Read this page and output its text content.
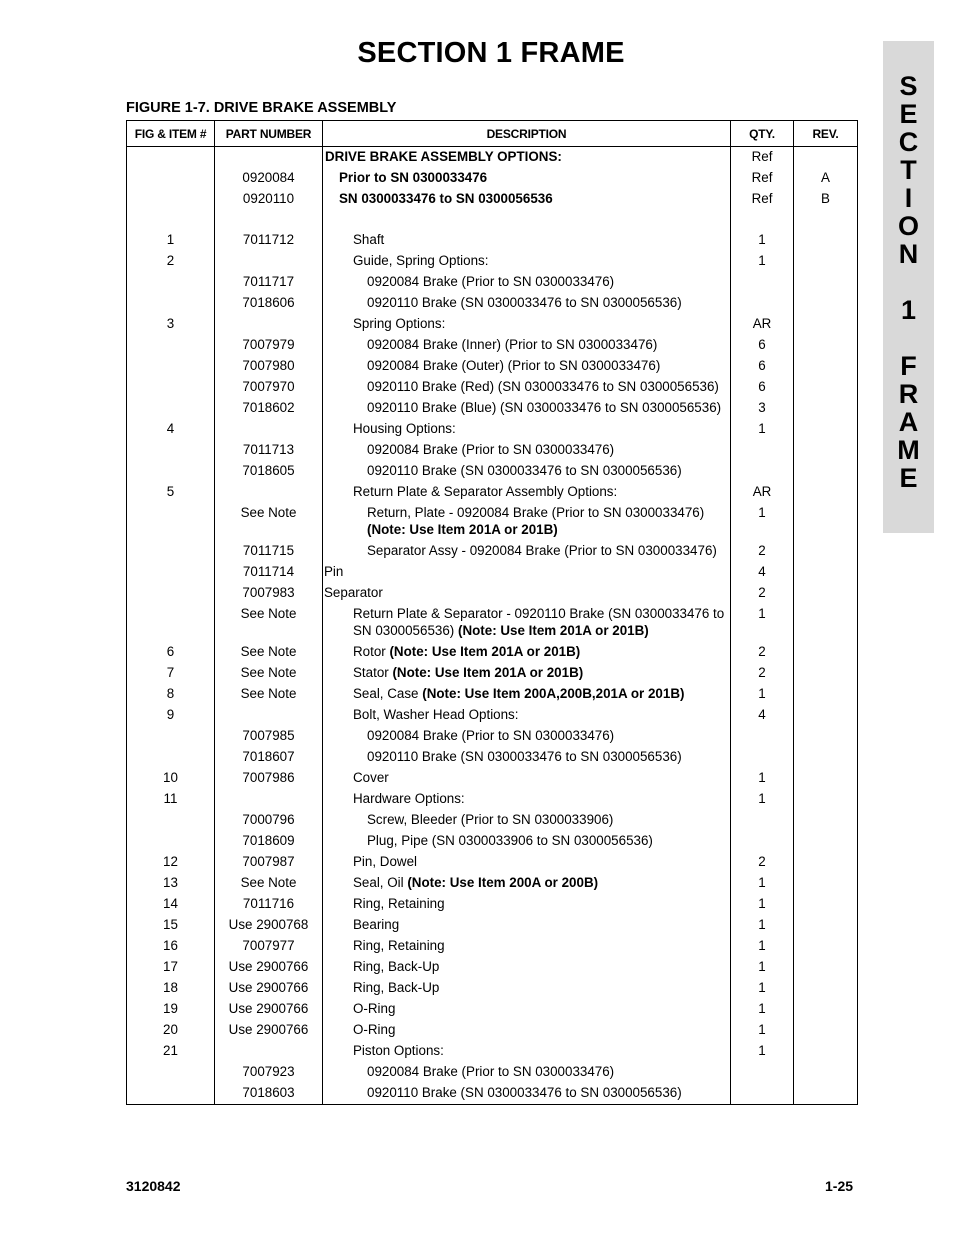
SECTION 1 FRAME
S
E
C
T
I
O
N
1
F
R
A
M
E
FIGURE 1-7. DRIVE BRAKE ASSEMBLY
FIG & ITEM #	PART NUMBER	DESCRIPTION	QTY.	REV.

		DRIVE BRAKE ASSEMBLY OPTIONS:	Ref	
	0920084	Prior to SN 0300033476	Ref	A
	0920110	SN 0300033476 to SN 0300056536	Ref	B

1	7011712	Shaft	1	
2		Guide, Spring Options:	1	
	7011717	0920084 Brake (Prior to SN 0300033476)		

	7018606	0920110 Brake (SN 0300033476 to SN 0300056536)		

3		Spring Options:	AR	
	7007979	0920084 Brake (Inner) (Prior to SN 0300033476)	6	
	7007980	0920084 Brake (Outer) (Prior to SN 0300033476)	6	
	7007970	0920110 Brake (Red) (SN 0300033476 to SN 0300056536)	6	
	7018602	0920110 Brake (Blue) (SN 0300033476 to SN 0300056536)	3	
4		Housing Options:	1	
	7011713	0920084 Brake (Prior to SN 0300033476)		

	7018605	0920110 Brake (SN 0300033476 to SN 0300056536)		

5		Return Plate & Separator Assembly Options:	AR	
	See Note	Return, Plate - 0920084 Brake (Prior to SN 0300033476) (Note: Use Item 201A or 201B)	1	
	7011715	Separator Assy - 0920084 Brake (Prior to SN 0300033476)	2	
	7011714	Pin	4	
	7007983	Separator	2	
	See Note	Return Plate & Separator - 0920110 Brake (SN 0300033476 to SN 0300056536) (Note: Use Item 201A or 201B)	1	
6	See Note	Rotor (Note: Use Item 201A or 201B)	2	
7	See Note	Stator (Note: Use Item 201A or 201B)	2	
8	See Note	Seal, Case (Note: Use Item 200A,200B,201A or 201B)	1	
9		Bolt, Washer Head Options:	4	
	7007985	0920084 Brake (Prior to SN 0300033476)		

	7018607	0920110 Brake (SN 0300033476 to SN 0300056536)		

10	7007986	Cover	1	
11		Hardware Options:	1	
	7000796	Screw, Bleeder (Prior to SN 0300033906)		

	7018609	Plug, Pipe (SN 0300033906 to SN 0300056536)		

12	7007987	Pin, Dowel	2	
13	See Note	Seal, Oil (Note: Use Item 200A or 200B)	1	
14	7011716	Ring, Retaining	1	
15	Use 2900768	Bearing	1	
16	7007977	Ring, Retaining	1	
17	Use 2900766	Ring, Back-Up	1	
18	Use 2900766	Ring, Back-Up	1	
19	Use 2900766	O-Ring	1	
20	Use 2900766	O-Ring	1	
21		Piston Options:	1	
	7007923	0920084 Brake (Prior to SN 0300033476)		

	7018603	0920110 Brake (SN 0300033476 to SN 0300056536)		

3120842	1-25
